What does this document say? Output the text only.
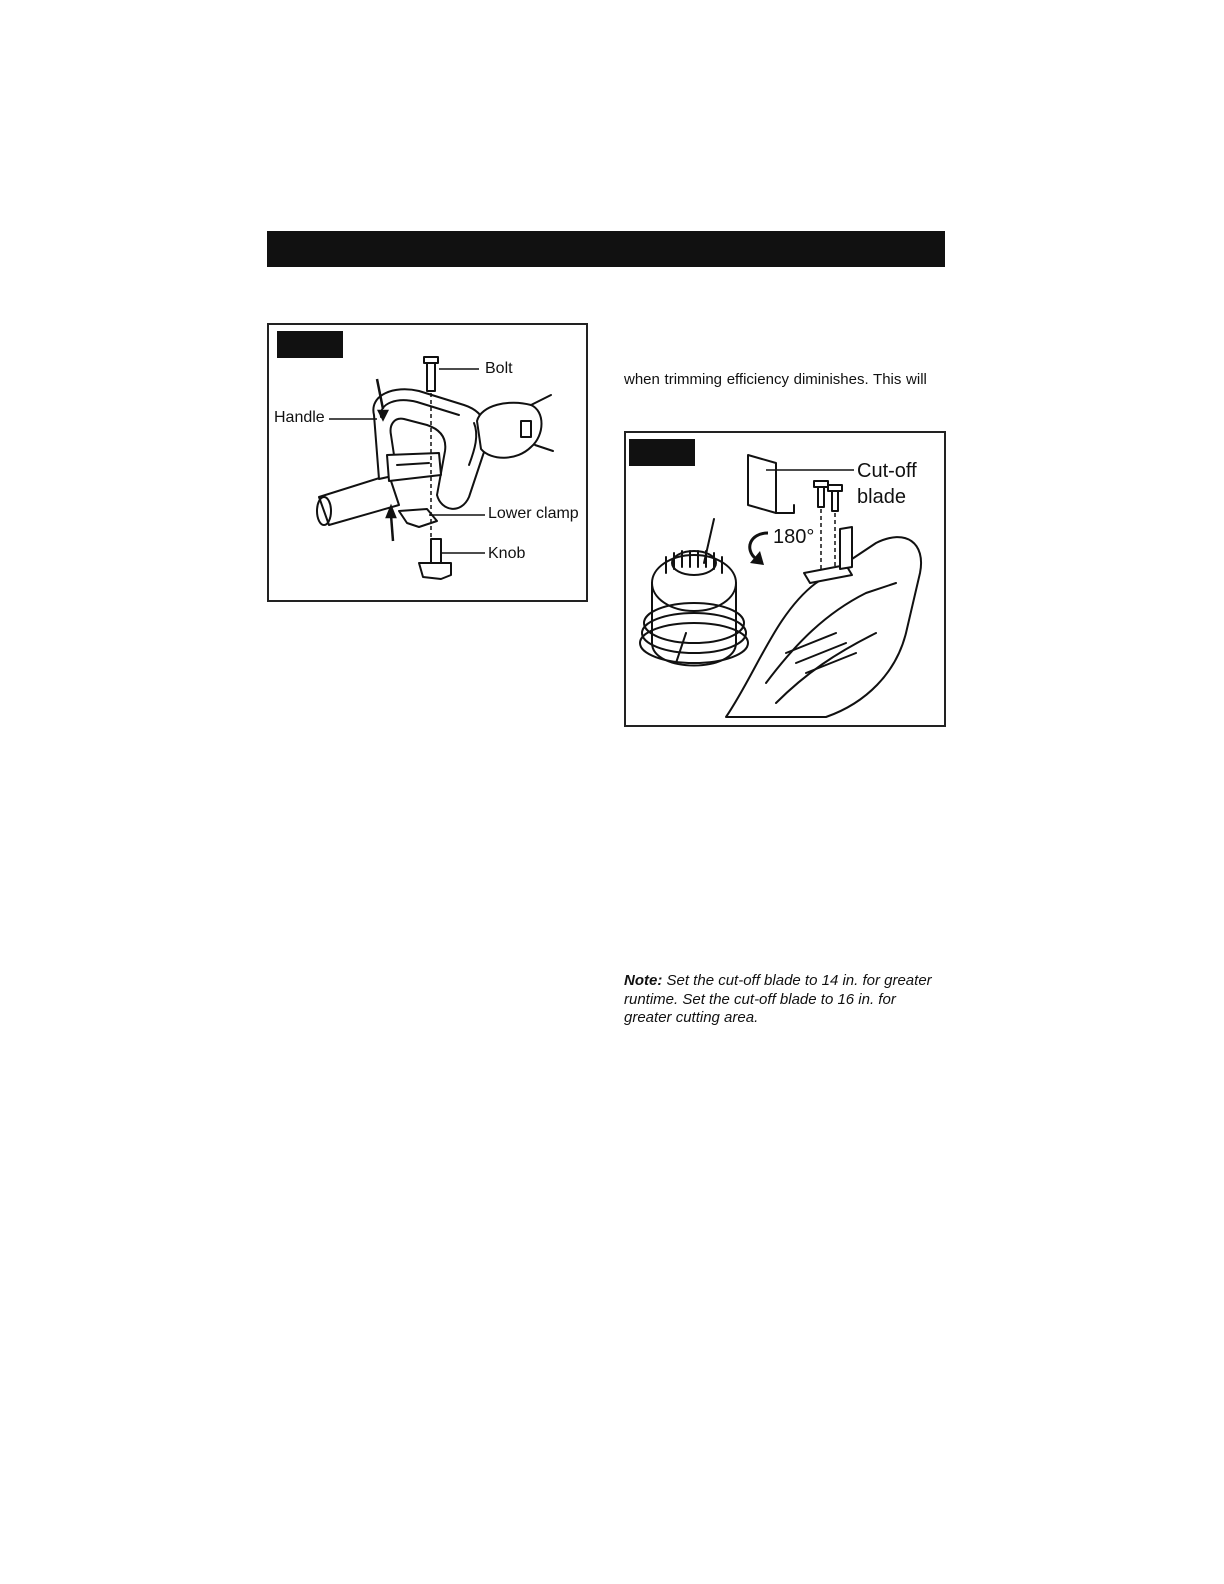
Bolt
Handle
Lower clamp
Knob
when trimming efficiency diminishes. This will
Cut-off
blade
180°
Note: Set the cut-off blade to 14 in. for greater runtime. Set the cut-off blade to 16 in. for greater cutting area.
